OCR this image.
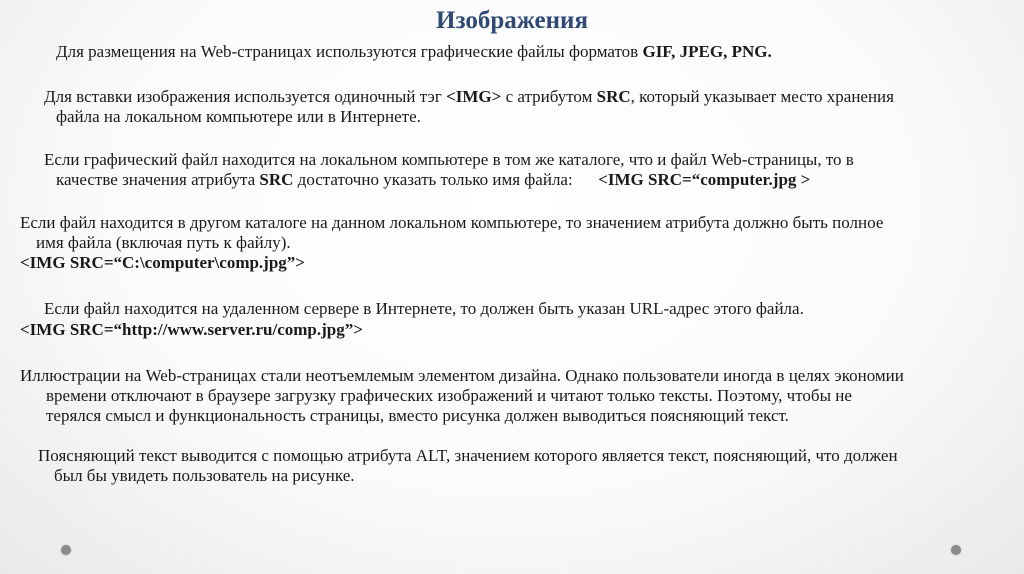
Изображения
Для размещения на Web-страницах используются графические файлы форматов GIF, JPEG, PNG.
Для вставки изображения используется одиночный тэг <IMG> с атрибутом SRC, который указывает место хранения
файла на локальном компьютере или в Интернете.
Если графический файл находится на локальном компьютере в том же каталоге, что и файл Web-страницы, то в
качестве значения атрибута SRC достаточно указать только имя файла:      <IMG SRC=“computer.jpg >
Если файл находится в другом каталоге на данном локальном компьютере, то значением атрибута должно быть полное
имя файла (включая путь к файлу).
<IMG SRC=“C:\computer\comp.jpg”>
Если файл находится на удаленном сервере в Интернете, то должен быть указан URL-адрес этого файла.
<IMG SRC=“http://www.server.ru/comp.jpg”>
Иллюстрации на Web-страницах стали неотъемлемым элементом дизайна. Однако пользователи иногда в целях экономии
времени отключают в браузере загрузку графических изображений и читают только тексты. Поэтому, чтобы не
терялся смысл и функциональность страницы, вместо рисунка должен выводиться поясняющий текст.
Поясняющий текст выводится с помощью атрибута ALT, значением которого является текст, поясняющий, что должен
был бы увидеть пользователь на рисунке.
